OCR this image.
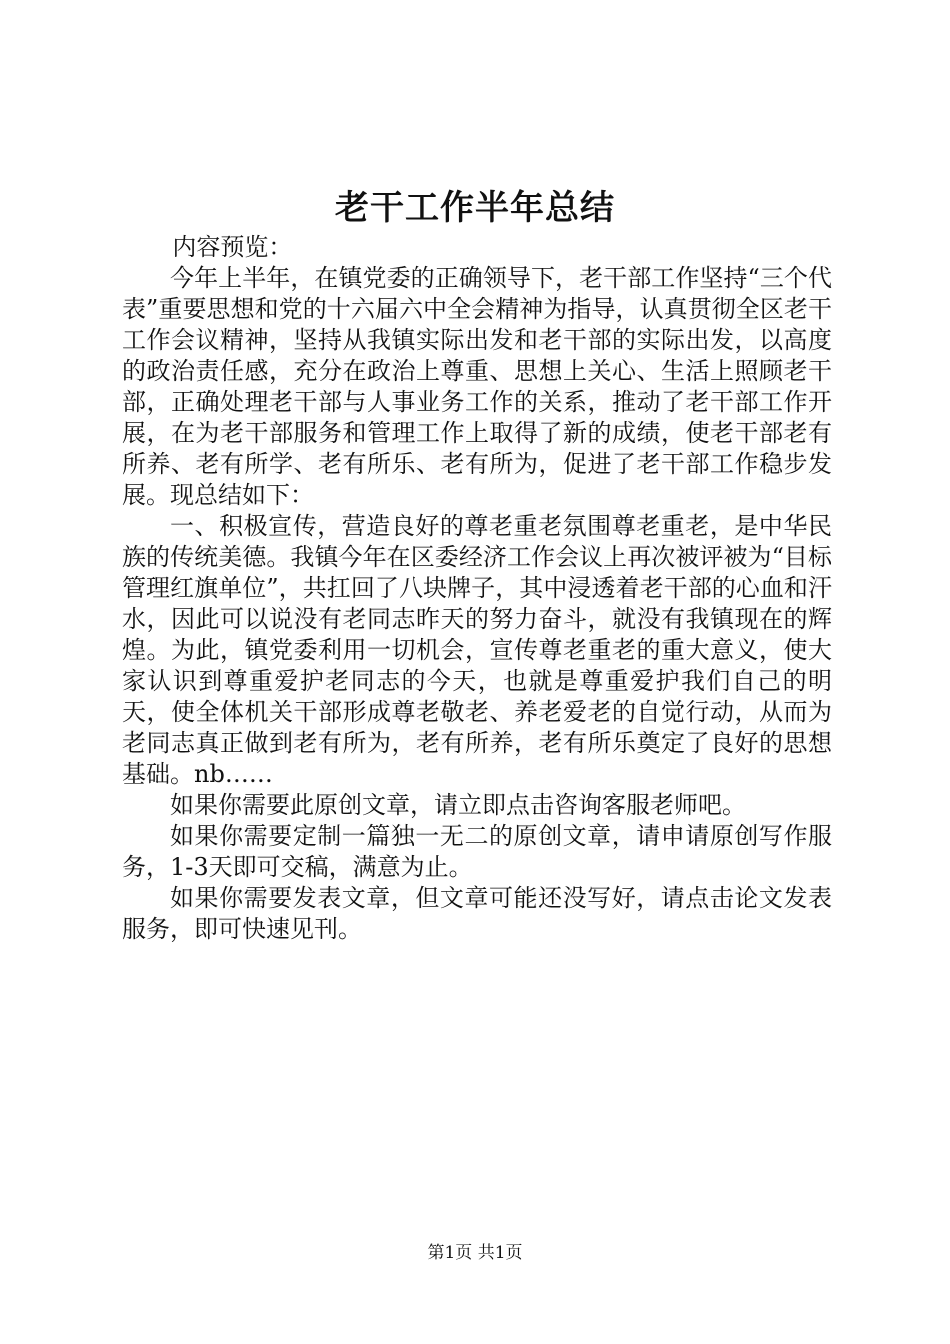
老干工作半年总结

内容预览：

今年上半年，在镇党委的正确领导下，老干部工作坚持“三个代表”重要思想和党的十六届六中全会精神为指导，认真贯彻全区老干工作会议精神，坚持从我镇实际出发和老干部的实际出发，以高度的政治责任感，充分在政治上尊重、思想上关心、生活上照顾老干部，正确处理老干部与人事业务工作的关系，推动了老干部工作开展，在为老干部服务和管理工作上取得了新的成绩，使老干部老有所养、老有所学、老有所乐、老有所为，促进了老干部工作稳步发展。现总结如下：

一、积极宣传，营造良好的尊老重老氛围尊老重老，是中华民族的传统美德。我镇今年在区委经济工作会议上再次被评被为“目标管理红旗单位”，共扛回了八块牌子，其中浸透着老干部的心血和汗水，因此可以说没有老同志昨天的努力奋斗，就没有我镇现在的辉煌。为此，镇党委利用一切机会，宣传尊老重老的重大意义，使大家认识到尊重爱护老同志的今天，也就是尊重爱护我们自己的明天，使全体机关干部形成尊老敬老、养老爱老的自觉行动，从而为老同志真正做到老有所为，老有所养，老有所乐奠定了良好的思想基础。nb……

如果你需要此原创文章，请立即点击咨询客服老师吧。

如果你需要定制一篇独一无二的原创文章，请申请原创写作服务，1-3天即可交稿，满意为止。

如果你需要发表文章，但文章可能还没写好，请点击论文发表服务，即可快速见刊。

第1页 共1页
